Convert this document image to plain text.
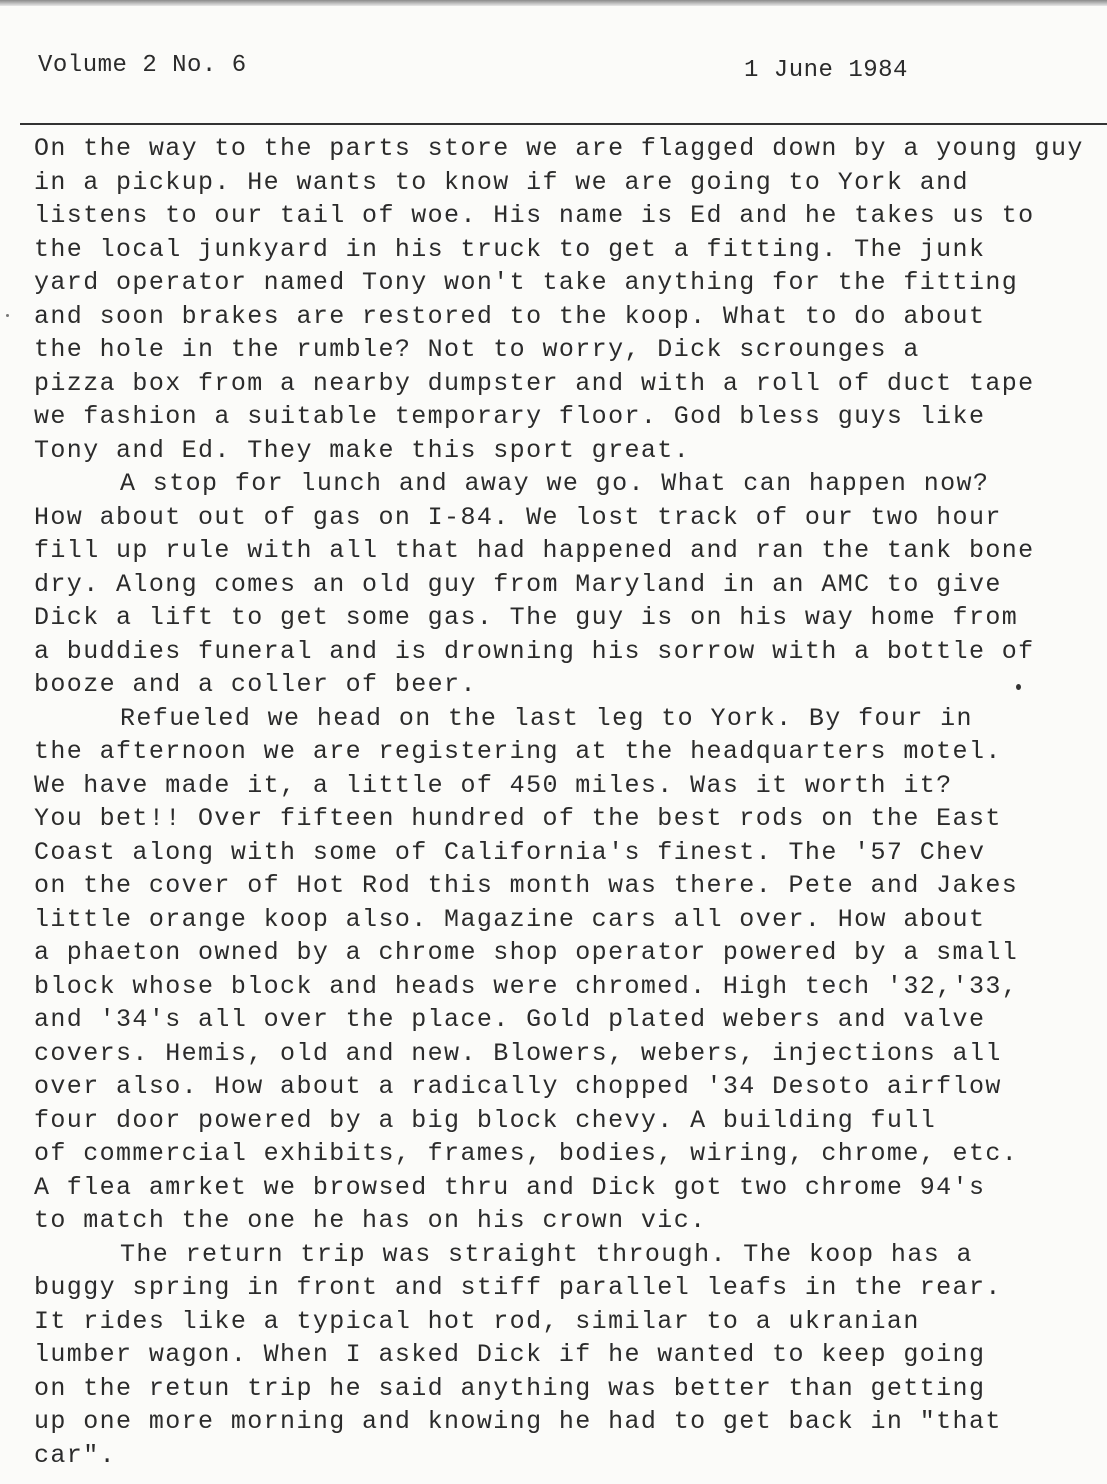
Volume 2 No. 6	1 June 1984
On the way to the parts store we are flagged down by a young guy
in a pickup. He wants to know if we are going to York and
listens to our tail of woe. His name is Ed and he takes us to
the local junkyard in his truck to get a fitting. The junk
yard operator named Tony won't take anything for the fitting
and soon brakes are restored to the koop. What to do about
the hole in the rumble? Not to worry, Dick scrounges a
pizza box from a nearby dumpster and with a roll of duct tape
we fashion a suitable temporary floor. God bless guys like
Tony and Ed. They make this sport great.
A stop for lunch and away we go. What can happen now?
How about out of gas on I-84. We lost track of our two hour
fill up rule with all that had happened and ran the tank bone
dry. Along comes an old guy from Maryland in an AMC to give
Dick a lift to get some gas. The guy is on his way home from
a buddies funeral and is drowning his sorrow with a bottle of
booze and a coller of beer.
Refueled we head on the last leg to York. By four in
the afternoon we are registering at the headquarters motel.
We have made it, a little of 450 miles. Was it worth it?
You bet!! Over fifteen hundred of the best rods on the East
Coast along with some of California's finest. The '57 Chev
on the cover of Hot Rod this month was there. Pete and Jakes
little orange koop also. Magazine cars all over. How about
a phaeton owned by a chrome shop operator powered by a small
block whose block and heads were chromed. High tech '32,'33,
and '34's all over the place. Gold plated webers and valve
covers. Hemis, old and new. Blowers, webers, injections all
over also. How about a radically chopped '34 Desoto airflow
four door powered by a big block chevy. A building full
of commercial exhibits, frames, bodies, wiring, chrome, etc.
A flea amrket we browsed thru and Dick got two chrome 94's
to match the one he has on his crown vic.
The return trip was straight through. The koop has a
buggy spring in front and stiff parallel leafs in the rear.
It rides like a typical hot rod, similar to a ukranian
lumber wagon. When I asked Dick if he wanted to keep going
on the retun trip he said anything was better than getting
up one more morning and knowing he had to get back in "that
car".
